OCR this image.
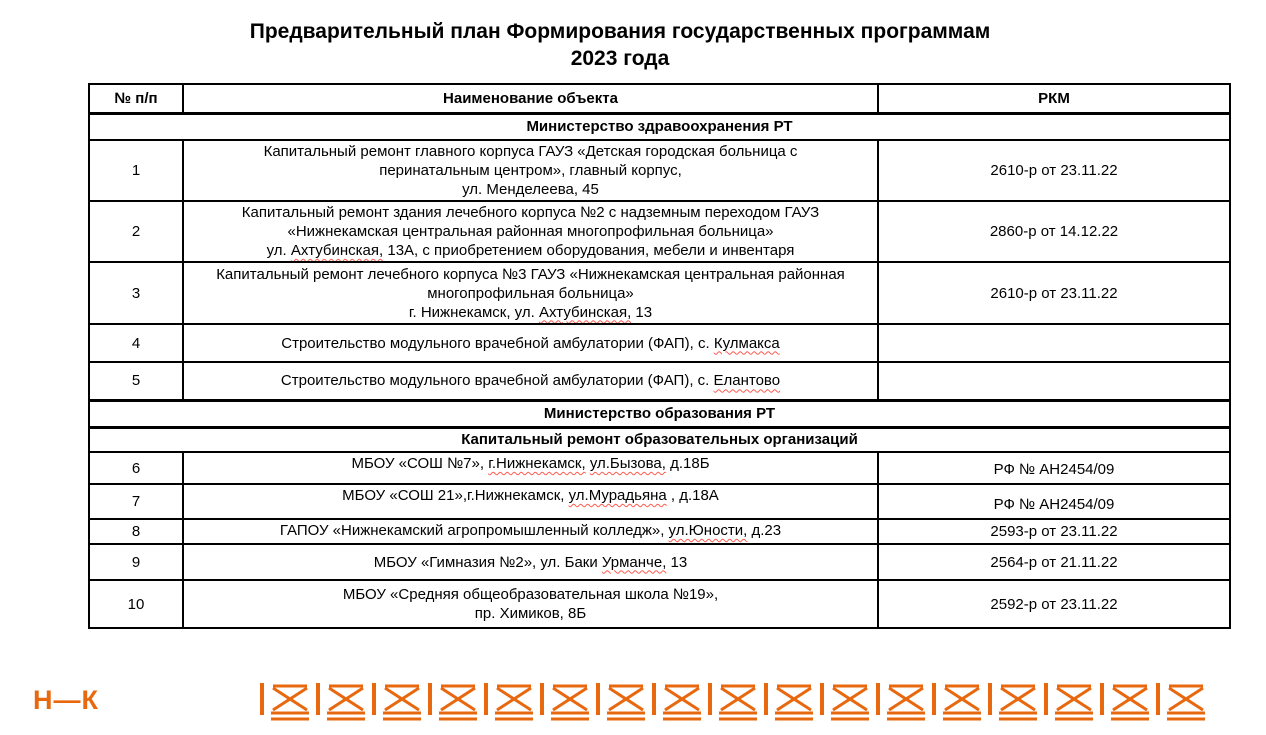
Предварительный план Формирования государственных программам
2023 года
№ п/п	Наименование объекта	РКМ
Министерство здравоохранения РТ		
1	Капитальный ремонт главного корпуса ГАУЗ «Детская городская больница с
перинатальным центром», главный корпус,
ул. Менделеева, 45	2610-р от 23.11.22
2	Капитальный ремонт здания лечебного корпуса №2 с надземным переходом ГАУЗ
«Нижнекамская центральная районная многопрофильная больница»
ул. Ахтубинская, 13А, с приобретением оборудования, мебели и инвентаря	2860-р от 14.12.22
3	Капитальный ремонт лечебного корпуса №3 ГАУЗ «Нижнекамская центральная районная
многопрофильная больница»
г. Нижнекамск, ул. Ахтубинская, 13	2610-р от 23.11.22
4	Строительство модульного врачебной амбулатории (ФАП), с. Кулмакса	

5	Строительство модульного врачебной амбулатории (ФАП), с. Елантово	

Министерство образования РТ		
Капитальный ремонт образовательных организаций		
6	МБОУ «СОШ №7», г.Нижнекамск, ул.Бызова, д.18Б	РФ № АН2454/09
7	МБОУ «СОШ 21»,г.Нижнекамск, ул.Мурадьяна , д.18А	РФ № АН2454/09
8	ГАПОУ «Нижнекамский агропромышленный колледж», ул.Юности, д.23	2593-р от 23.11.22
9	МБОУ «Гимназия №2», ул. Баки Урманче, 13	2564-р от 21.11.22
10	МБОУ «Средняя общеобразовательная школа №19»,
пр. Химиков, 8Б	2592-р от 23.11.22
Н—К
